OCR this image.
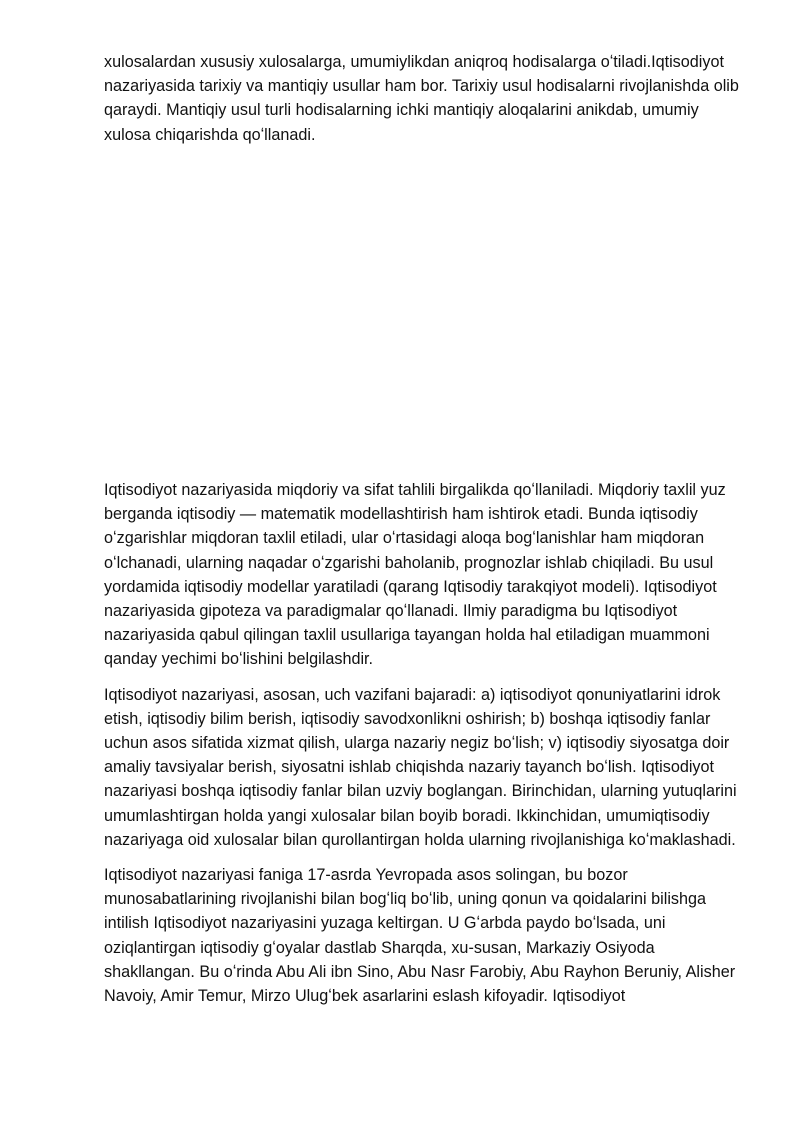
xulosalardan xususiy xulosalarga, umumiylikdan aniqroq hodisalarga oʻtiladi.Iqtisodiyot nazariyasida tarixiy va mantiqiy usullar ham bor. Tarixiy usul hodisalarni rivojlanishda olib qaraydi. Mantiqiy usul turli hodisalarning ichki mantiqiy aloqalarini anikdab, umumiy xulosa chiqarishda qoʻllanadi.

Iqtisodiyot nazariyasida miqdoriy va sifat tahlili birgalikda qoʻllaniladi. Miqdoriy taxlil yuz berganda iqtisodiy — matematik modellashtirish ham ishtirok etadi. Bunda iqtisodiy oʻzgarishlar miqdoran taxlil etiladi, ular oʻrtasidagi aloqa bogʻlanishlar ham miqdoran oʻlchanadi, ularning naqadar oʻzgarishi baholanib, prognozlar ishlab chiqiladi. Bu usul yordamida iqtisodiy modellar yaratiladi (qarang Iqtisodiy tarakqiyot modeli). Iqtisodiyot nazariyasida gipoteza va paradigmalar qoʻllanadi. Ilmiy paradigma bu Iqtisodiyot nazariyasida qabul qilingan taxlil usullariga tayangan holda hal etiladigan muammoni qanday yechimi boʻlishini belgilashdir.

Iqtisodiyot nazariyasi, asosan, uch vazifani bajaradi: a) iqtisodiyot qonuniyatlarini idrok etish, iqtisodiy bilim berish, iqtisodiy savodxonlikni oshirish; b) boshqa iqtisodiy fanlar uchun asos sifatida xizmat qilish, ularga nazariy negiz boʻlish; v) iqtisodiy siyosatga doir amaliy tavsiyalar berish, siyosatni ishlab chiqishda nazariy tayanch boʻlish. Iqtisodiyot nazariyasi boshqa iqtisodiy fanlar bilan uzviy boglangan. Birinchidan, ularning yutuqlarini umumlashtirgan holda yangi xulosalar bilan boyib boradi. Ikkinchidan, umumiqtisodiy nazariyaga oid xulosalar bilan qurollantirgan holda ularning rivojlanishiga koʻmaklashadi.

Iqtisodiyot nazariyasi faniga 17-asrda Yevropada asos solingan, bu bozor munosabatlarining rivojlanishi bilan bogʻliq boʻlib, uning qonun va qoidalarini bilishga intilish Iqtisodiyot nazariyasini yuzaga keltirgan. U Gʻarbda paydo boʻlsada, uni oziqlantirgan iqtisodiy gʻoyalar dastlab Sharqda, xu-susan, Markaziy Osiyoda shakllangan. Bu oʻrinda Abu Ali ibn Sino, Abu Nasr Farobiy, Abu Rayhon Beruniy, Alisher Navoiy, Amir Temur, Mirzo Ulugʻbek asarlarini eslash kifoyadir. Iqtisodiyot
